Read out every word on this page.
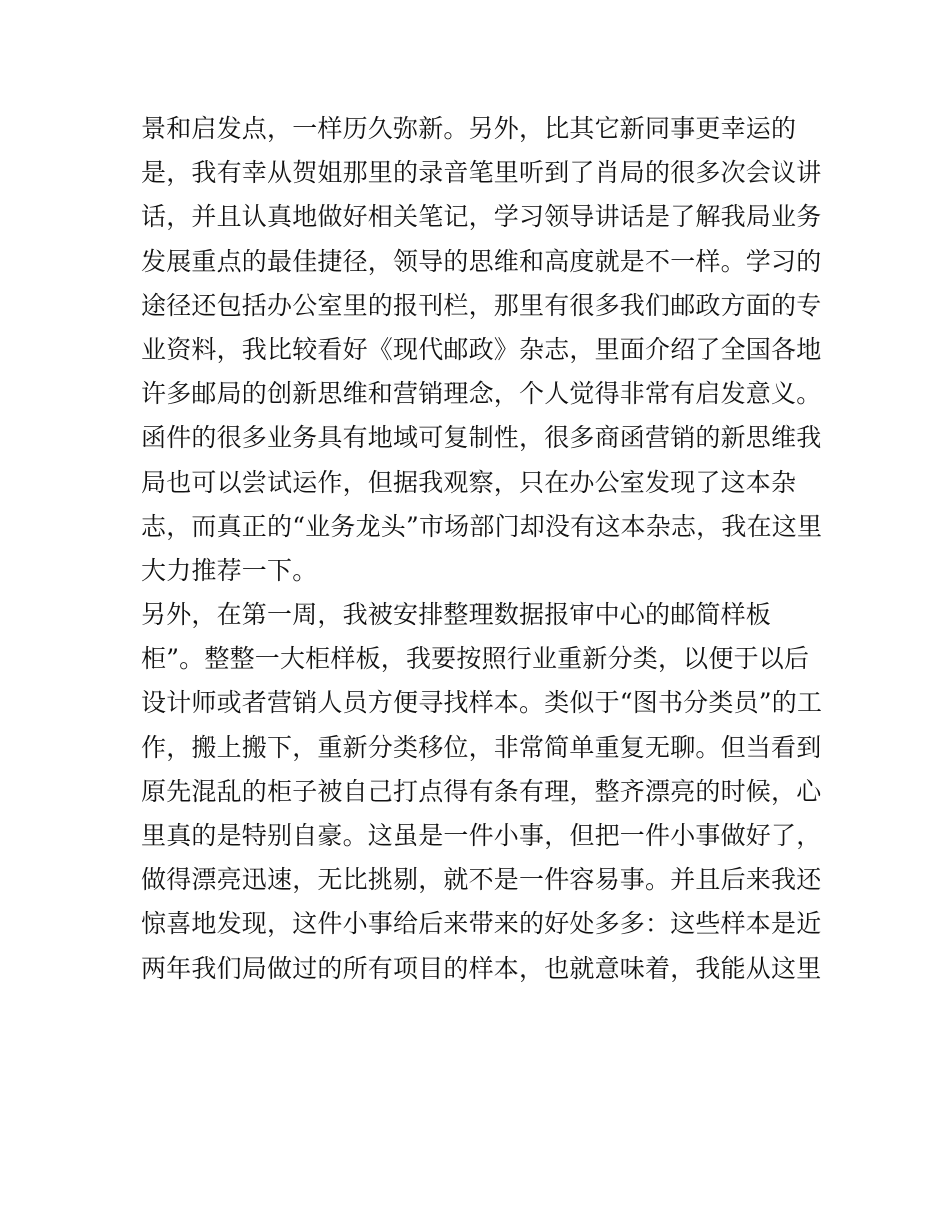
景和启发点，一样历久弥新。另外，比其它新同事更幸运的
是，我有幸从贺姐那里的录音笔里听到了肖局的很多次会议讲
话，并且认真地做好相关笔记，学习领导讲话是了解我局业务
发展重点的最佳捷径，领导的思维和高度就是不一样。学习的
途径还包括办公室里的报刊栏，那里有很多我们邮政方面的专
业资料，我比较看好《现代邮政》杂志，里面介绍了全国各地
许多邮局的创新思维和营销理念，个人觉得非常有启发意义。
函件的很多业务具有地域可复制性，很多商函营销的新思维我
局也可以尝试运作，但据我观察，只在办公室发现了这本杂
志，而真正的“业务龙头”市场部门却没有这本杂志，我在这里
大力推荐一下。
另外，在第一周，我被安排整理数据报审中心的邮简样板
柜”。整整一大柜样板，我要按照行业重新分类，以便于以后
设计师或者营销人员方便寻找样本。类似于“图书分类员”的工
作，搬上搬下，重新分类移位，非常简单重复无聊。但当看到
原先混乱的柜子被自己打点得有条有理，整齐漂亮的时候，心
里真的是特别自豪。这虽是一件小事，但把一件小事做好了，
做得漂亮迅速，无比挑剔，就不是一件容易事。并且后来我还
惊喜地发现，这件小事给后来带来的好处多多：这些样本是近
两年我们局做过的所有项目的样本，也就意味着，我能从这里
